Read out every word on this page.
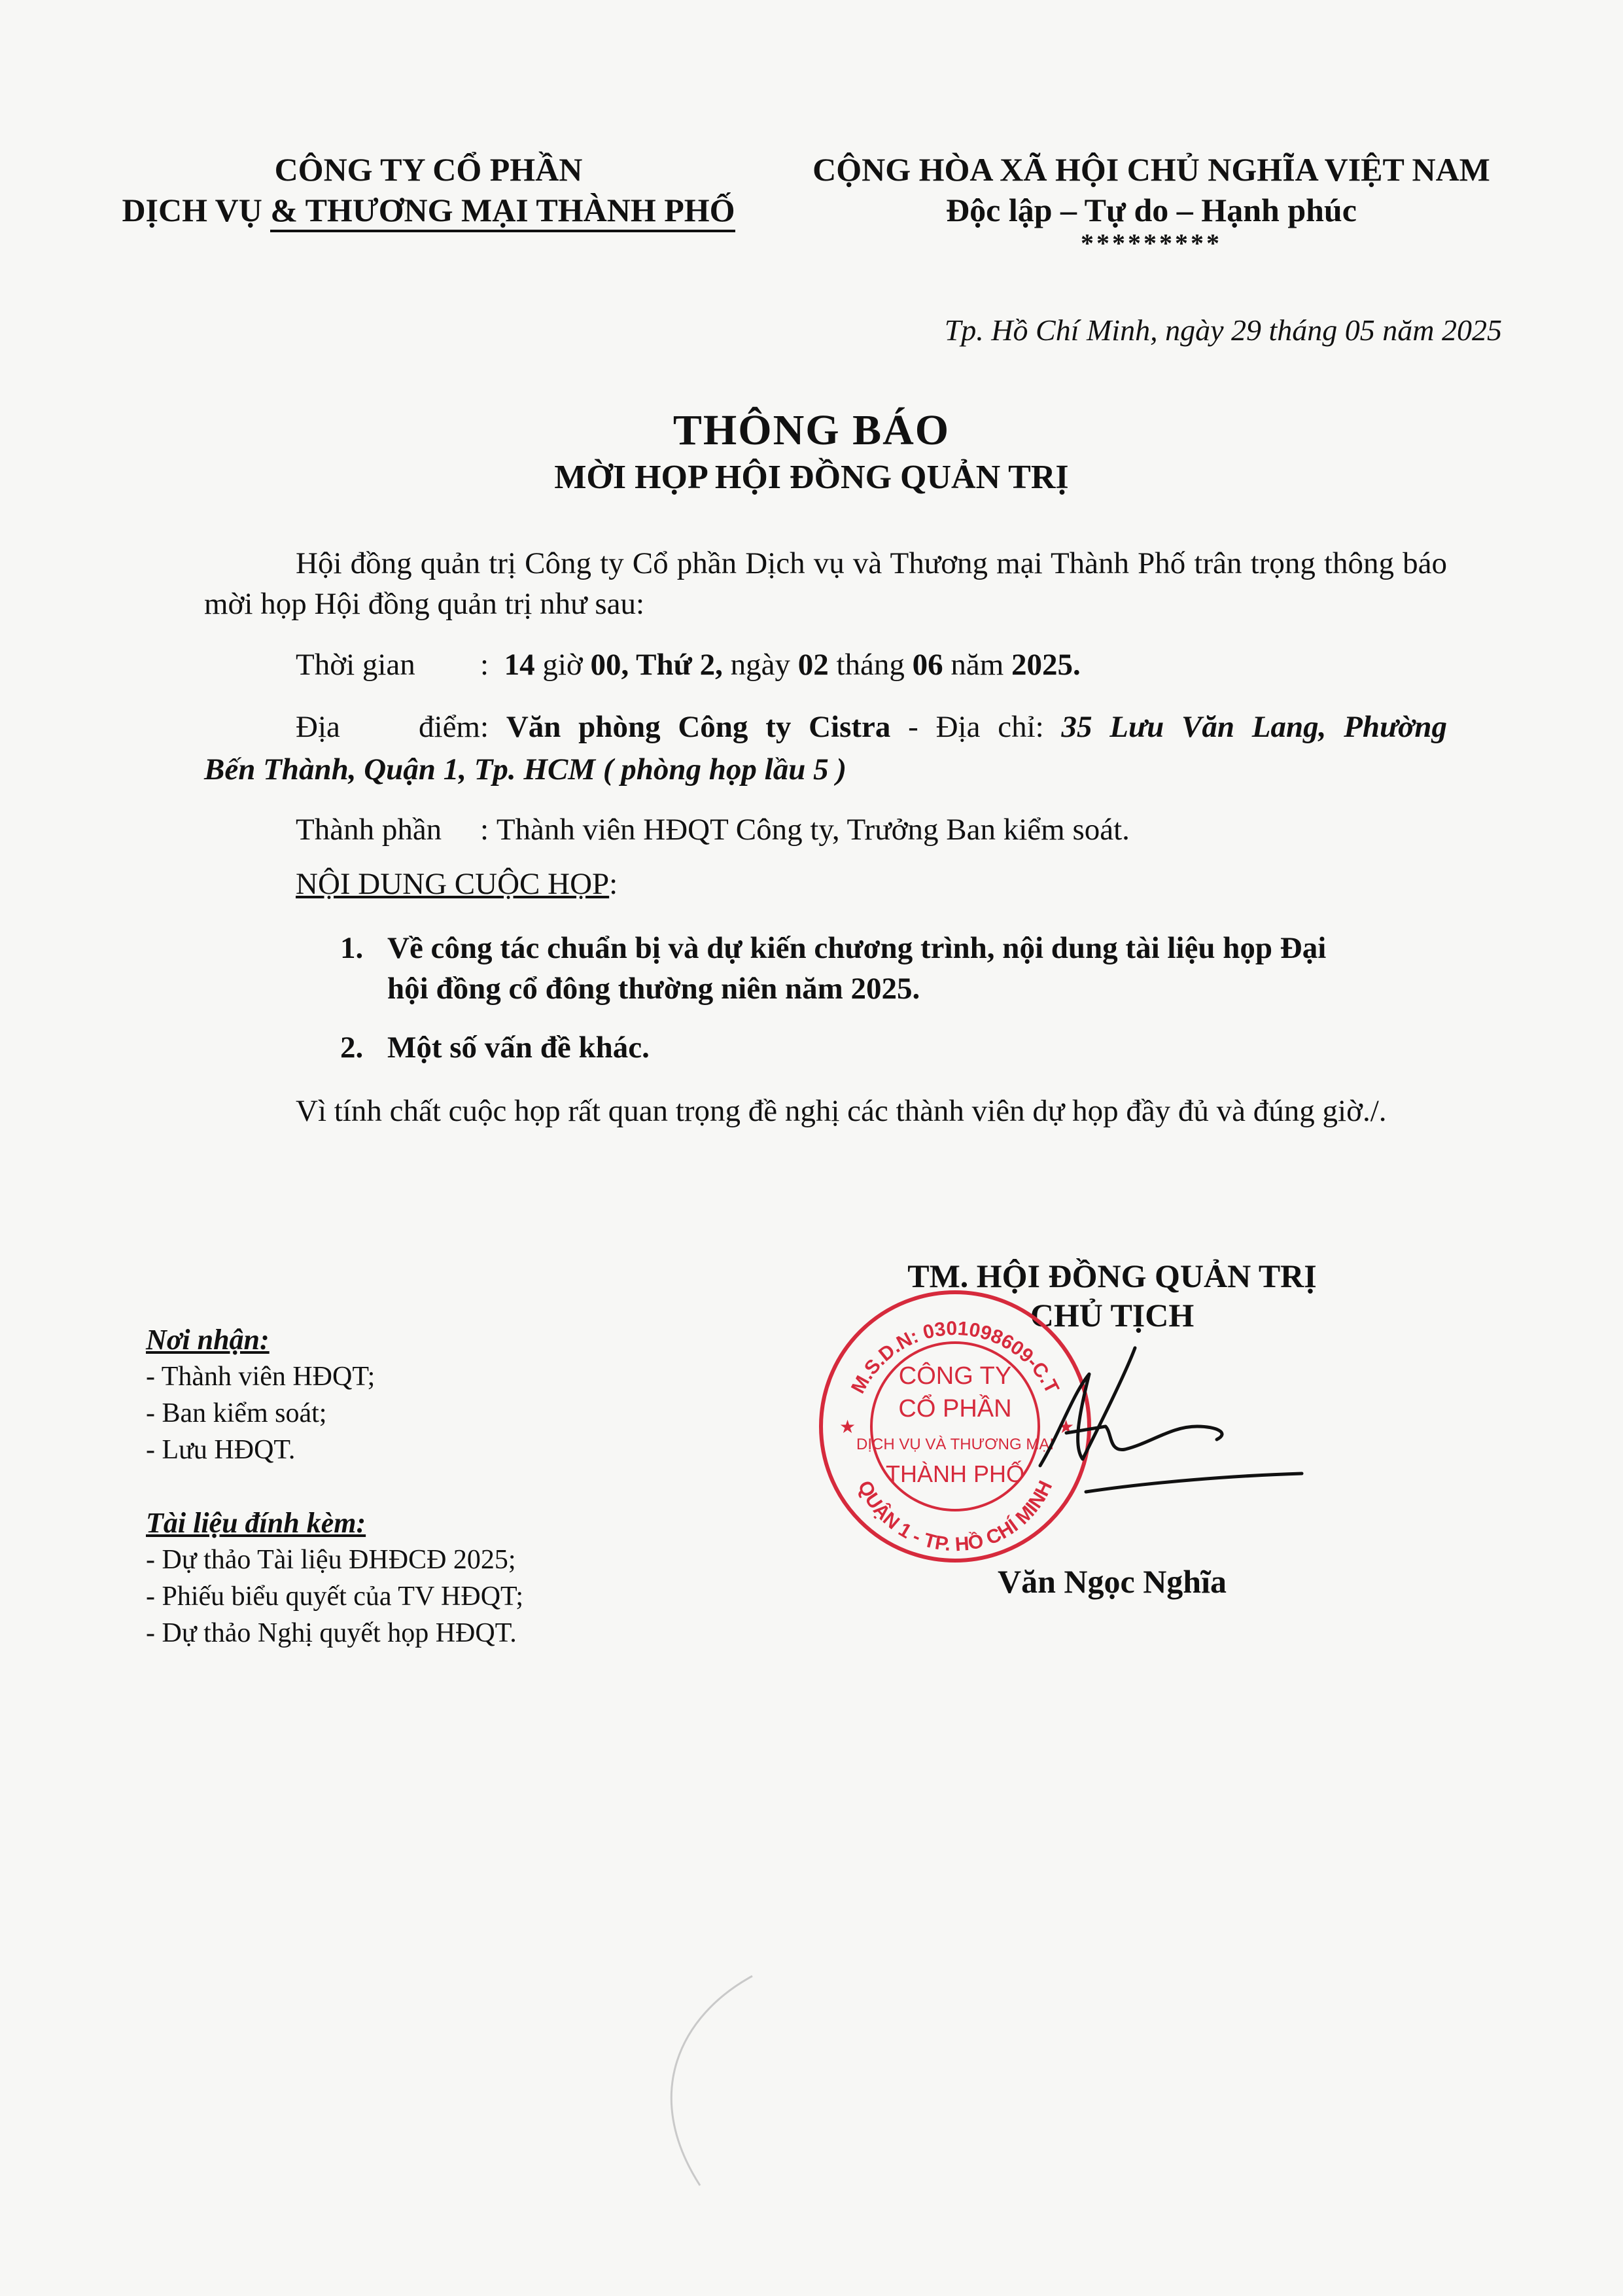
CÔNG TY CỔ PHẦN
DỊCH VỤ & THƯƠNG MẠI THÀNH PHỐ
CỘNG HÒA XÃ HỘI CHỦ NGHĨA VIỆT NAM
Độc lập – Tự do – Hạnh phúc
*********
Tp. Hồ Chí Minh, ngày 29 tháng 05 năm 2025
THÔNG BÁO
MỜI HỌP HỘI ĐỒNG QUẢN TRỊ
Hội đồng quản trị Công ty Cổ phần Dịch vụ và Thương mại Thành Phố trân trọng thông báo mời họp Hội đồng quản trị như sau:
Thời gian : 14 giờ 00, Thứ 2, ngày 02 tháng 06 năm 2025.
Địa điểm: Văn phòng Công ty Cistra - Địa chỉ: 35 Lưu Văn Lang, Phường
Bến Thành, Quận 1, Tp. HCM ( phòng họp lầu 5 )
Thành phần : Thành viên HĐQT Công ty, Trưởng Ban kiểm soát.
NỘI DUNG CUỘC HỌP:
1. Về công tác chuẩn bị và dự kiến chương trình, nội dung tài liệu họp Đại
hội đồng cổ đông thường niên năm 2025.
2. Một số vấn đề khác.
Vì tính chất cuộc họp rất quan trọng đề nghị các thành viên dự họp đầy đủ và đúng giờ./.
TM. HỘI ĐỒNG QUẢN TRỊ
CHỦ TỊCH
M.S.D.N: 0301098609-C.T
QUẬN 1 - TP. HỒ CHÍ MINH
★	★
CÔNG TY
CỔ PHẦN
DỊCH VỤ VÀ THƯƠNG MẠI
THÀNH PHỐ
Văn Ngọc Nghĩa
Nơi nhận:
- Thành viên HĐQT;
- Ban kiểm soát;
- Lưu HĐQT.
Tài liệu đính kèm:
- Dự thảo Tài liệu ĐHĐCĐ 2025;
- Phiếu biểu quyết của TV HĐQT;
- Dự thảo Nghị quyết họp HĐQT.
